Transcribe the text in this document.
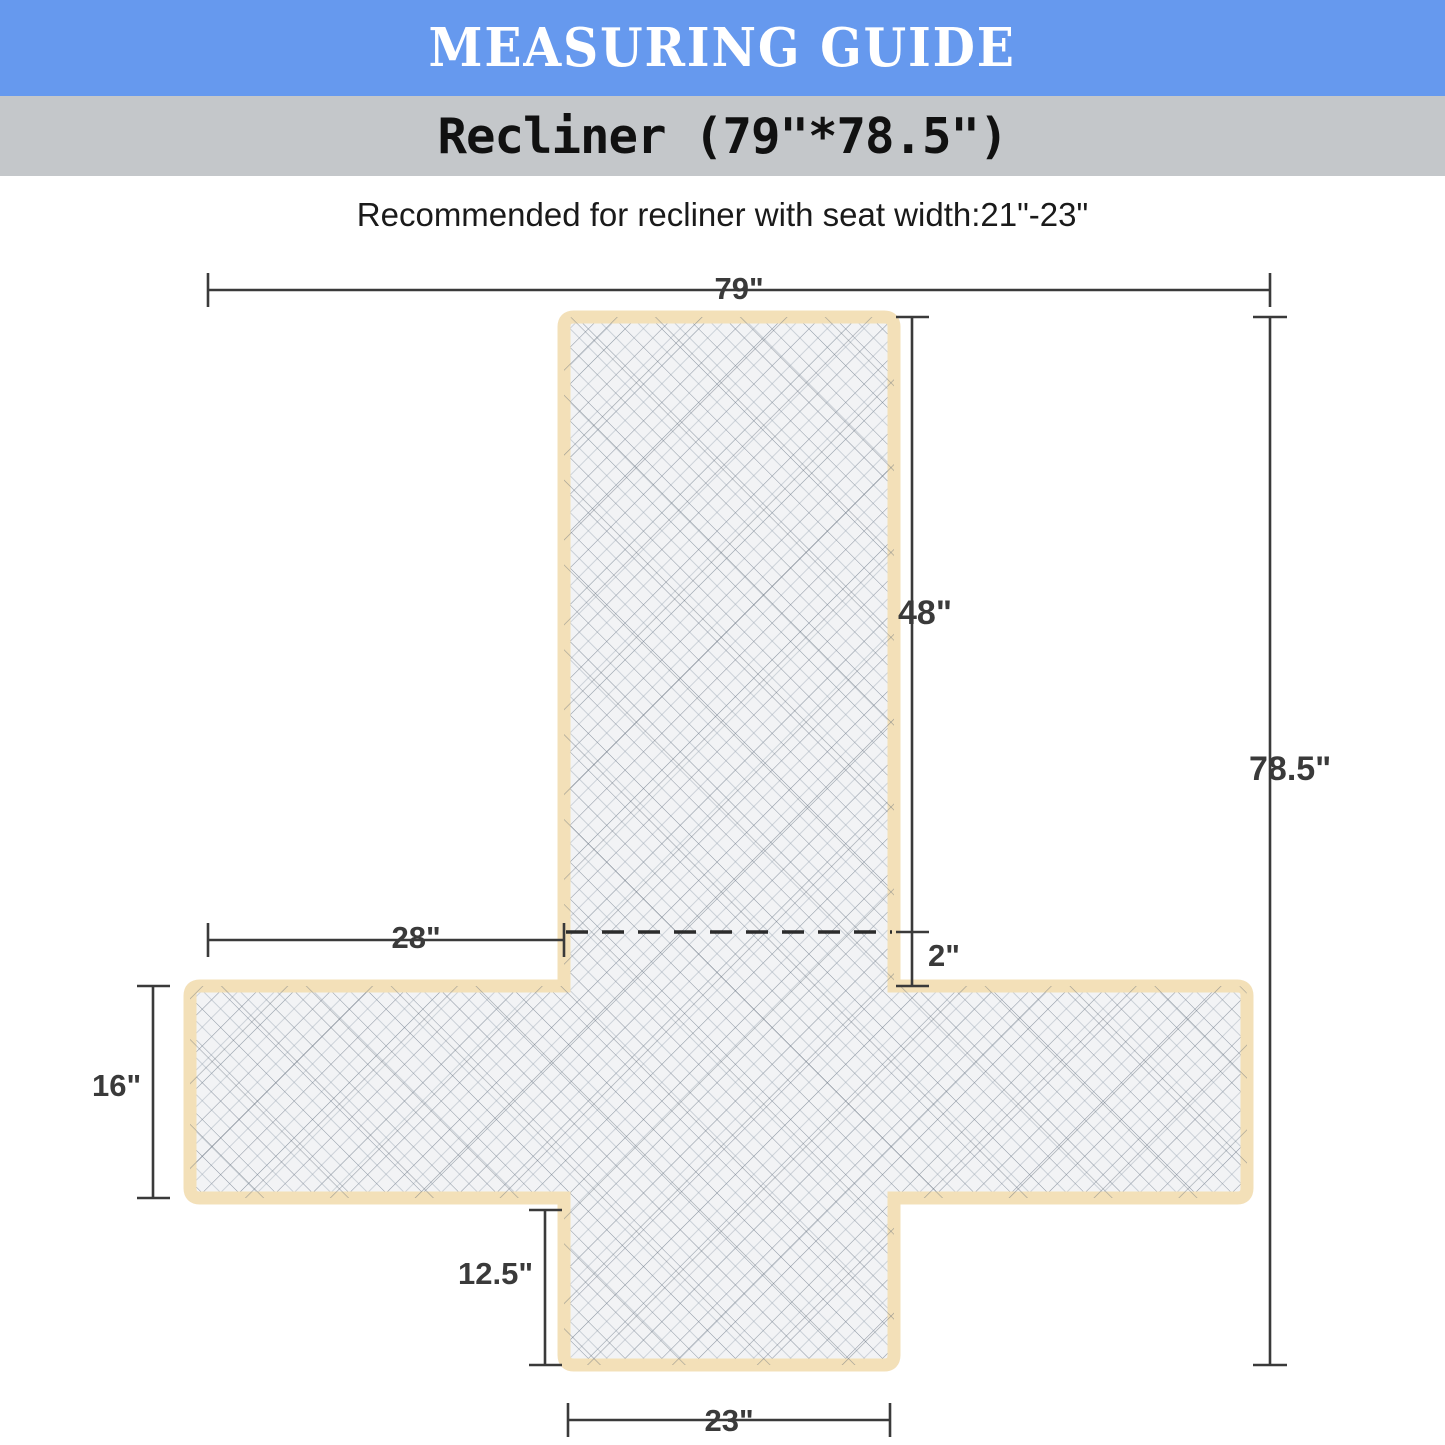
MEASURING GUIDE
Recliner (79"*78.5")
Recommended for recliner with seat width:21"-23"
79"
78.5"
48"
2"
28"
16"
12.5"
23"
